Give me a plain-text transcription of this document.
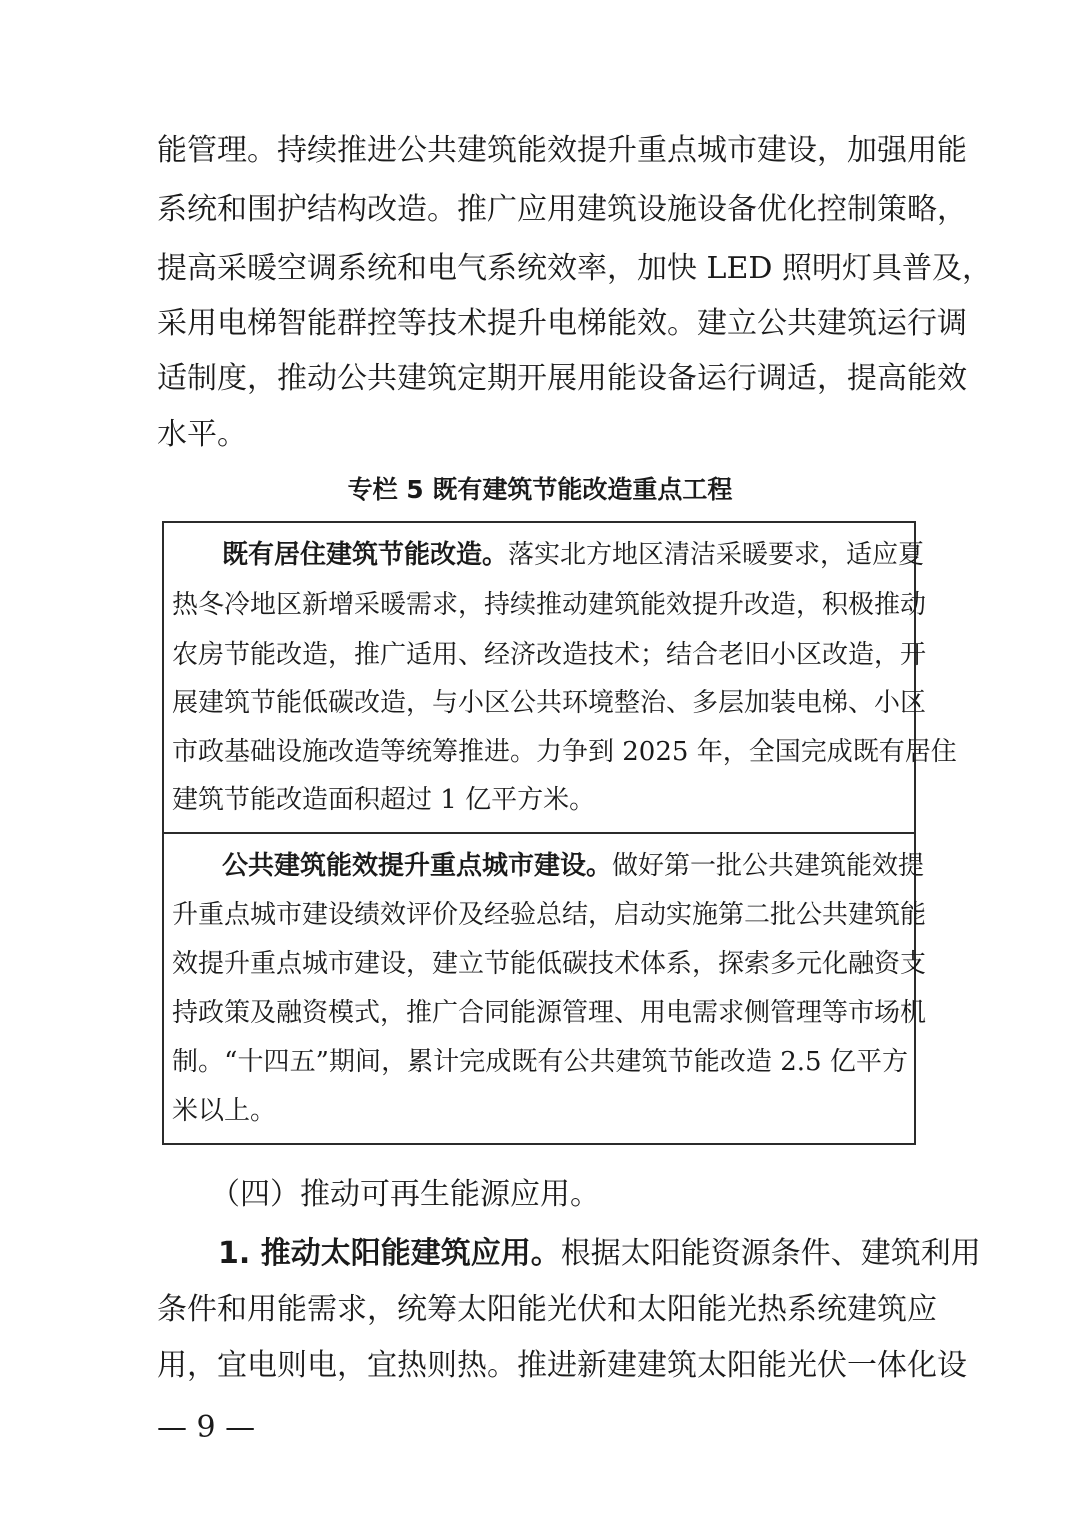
能管理。持续推进公共建筑能效提升重点城市建设，加强用能
系统和围护结构改造。推广应用建筑设施设备优化控制策略，
提高采暖空调系统和电气系统效率，加快 LED 照明灯具普及，
采用电梯智能群控等技术提升电梯能效。建立公共建筑运行调
适制度，推动公共建筑定期开展用能设备运行调适，提高能效
水平。
专栏 5 既有建筑节能改造重点工程
既有居住建筑节能改造。落实北方地区清洁采暖要求，适应夏
热冬冷地区新增采暖需求，持续推动建筑能效提升改造，积极推动
农房节能改造，推广适用、经济改造技术；结合老旧小区改造，开
展建筑节能低碳改造，与小区公共环境整治、多层加装电梯、小区
市政基础设施改造等统筹推进。力争到 2025 年，全国完成既有居住
建筑节能改造面积超过 1 亿平方米。
公共建筑能效提升重点城市建设。做好第一批公共建筑能效提
升重点城市建设绩效评价及经验总结，启动实施第二批公共建筑能
效提升重点城市建设，建立节能低碳技术体系，探索多元化融资支
持政策及融资模式，推广合同能源管理、用电需求侧管理等市场机
制。“十四五”期间，累计完成既有公共建筑节能改造 2.5 亿平方
米以上。
（四）推动可再生能源应用。
1. 推动太阳能建筑应用。根据太阳能资源条件、建筑利用
条件和用能需求，统筹太阳能光伏和太阳能光热系统建筑应
用，宜电则电，宜热则热。推进新建建筑太阳能光伏一体化设
— 9 —
